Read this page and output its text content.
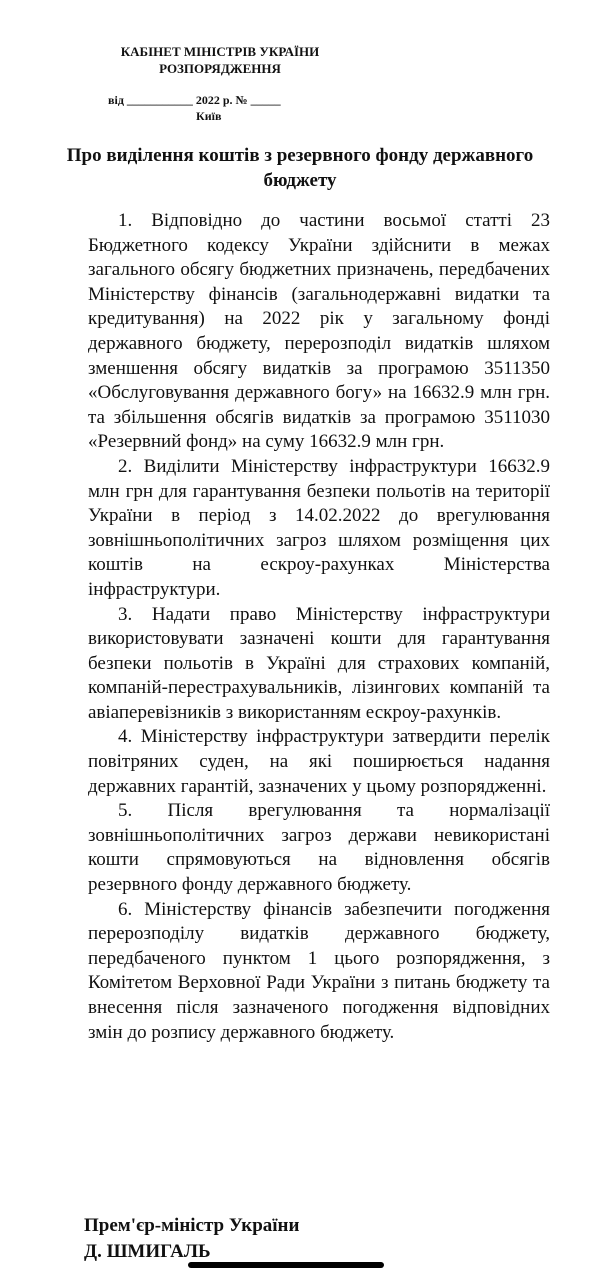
КАБІНЕТ МІНІСТРІВ УКРАЇНИ
РОЗПОРЯДЖЕННЯ
від ___________ 2022 р. № _____
Київ
Про виділення коштів з резервного фонду державного бюджету

1. Відповідно до частини восьмої статті 23 Бюджетного кодексу України здійснити в межах загального обсягу бюджетних призначень, передбачених Міністерству фінансів (загальнодержавні видатки та кредитування) на 2022 рік у загальному фонді державного бюджету, перерозподіл видатків шляхом зменшення обсягу видатків за програмою 3511350 «Обслуговування державного богу» на 16632.9 млн грн. та збільшення обсягів видатків за програмою 3511030 «Резервний фонд» на суму 16632.9 млн грн.

2. Виділити Міністерству інфраструктури 16632.9 млн грн для гарантування безпеки польотів на території України в період з 14.02.2022 до врегулювання зовнішньополітичних загроз шляхом розміщення цих коштів на ескроу-рахунках Міністерства інфраструктури.

3. Надати право Міністерству інфраструктури використовувати зазначені кошти для гарантування безпеки польотів в Україні для страхових компаній, компаній-перестрахувальників, лізингових компаній та авіаперевізників з використанням ескроу-рахунків.

4. Міністерству інфраструктури затвердити перелік повітряних суден, на які поширюється надання державних гарантій, зазначених у цьому розпорядженні.

5. Після врегулювання та нормалізації зовнішньополітичних загроз держави невикористані кошти спрямовуються на відновлення обсягів резервного фонду державного бюджету.

6. Міністерству фінансів забезпечити погодження перерозподілу видатків державного бюджету, передбаченого пунктом 1 цього розпорядження, з Комітетом Верховної Ради України з питань бюджету та внесення після зазначеного погодження відповідних змін до розпису державного бюджету.

Прем'єр-міністр України
Д. ШМИГАЛЬ
